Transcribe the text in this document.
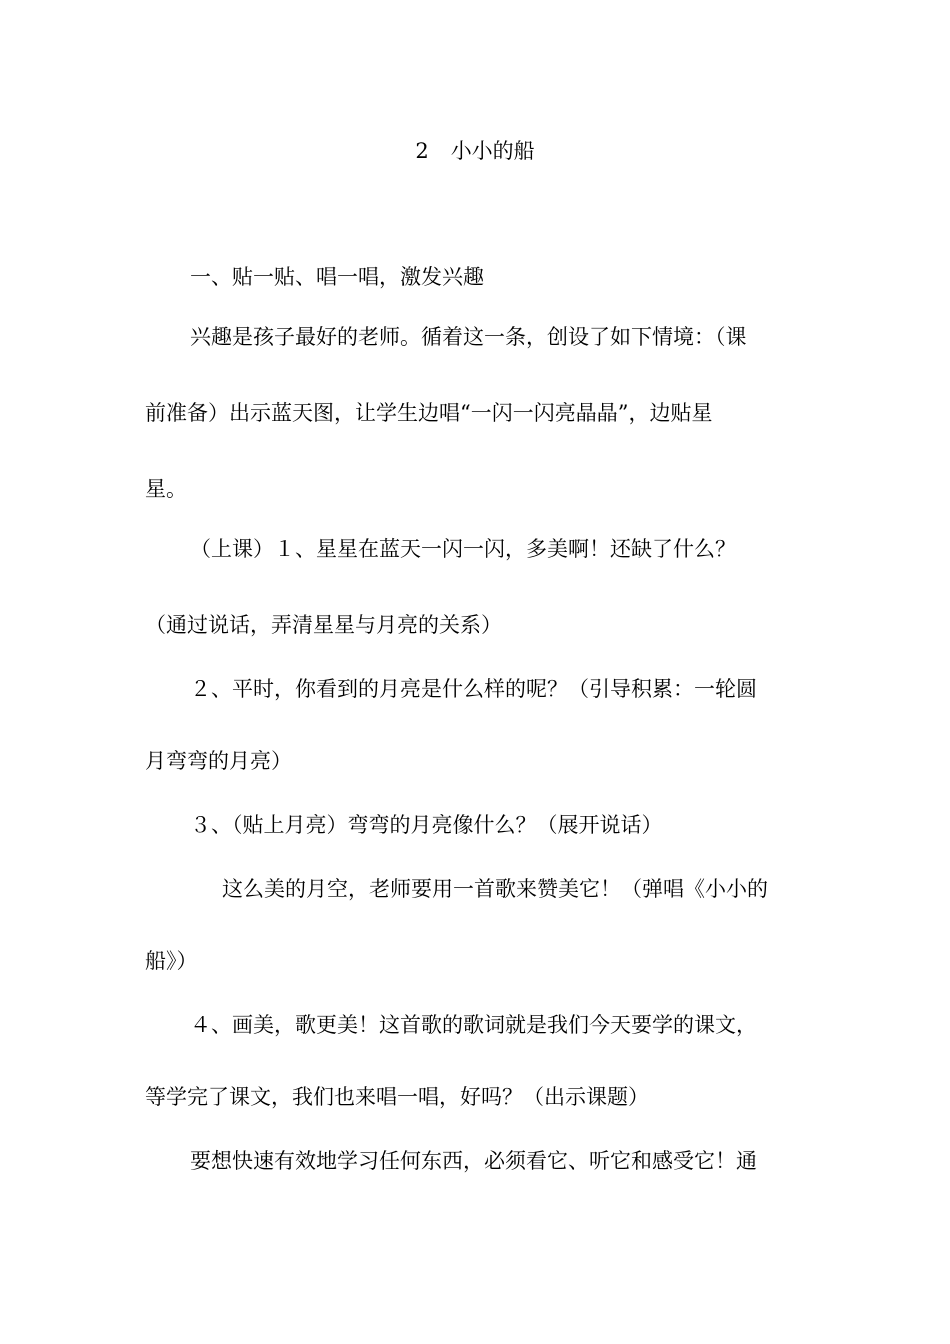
2 小小的船
一、贴一贴、唱一唱，激发兴趣
兴趣是孩子最好的老师。循着这一条，创设了如下情境：（课
前准备）出示蓝天图，让学生边唱“一闪一闪亮晶晶”，边贴星
星。
（上课）１、星星在蓝天一闪一闪，多美啊！还缺了什么？
（通过说话，弄清星星与月亮的关系）
２、平时，你看到的月亮是什么样的呢？（引导积累：一轮圆
月弯弯的月亮）
３、（贴上月亮）弯弯的月亮像什么？（展开说话）
这么美的月空，老师要用一首歌来赞美它！（弹唱《小小的
船》）
４、画美，歌更美！这首歌的歌词就是我们今天要学的课文，
等学完了课文，我们也来唱一唱，好吗？（出示课题）
要想快速有效地学习任何东西，必须看它、听它和感受它！通
